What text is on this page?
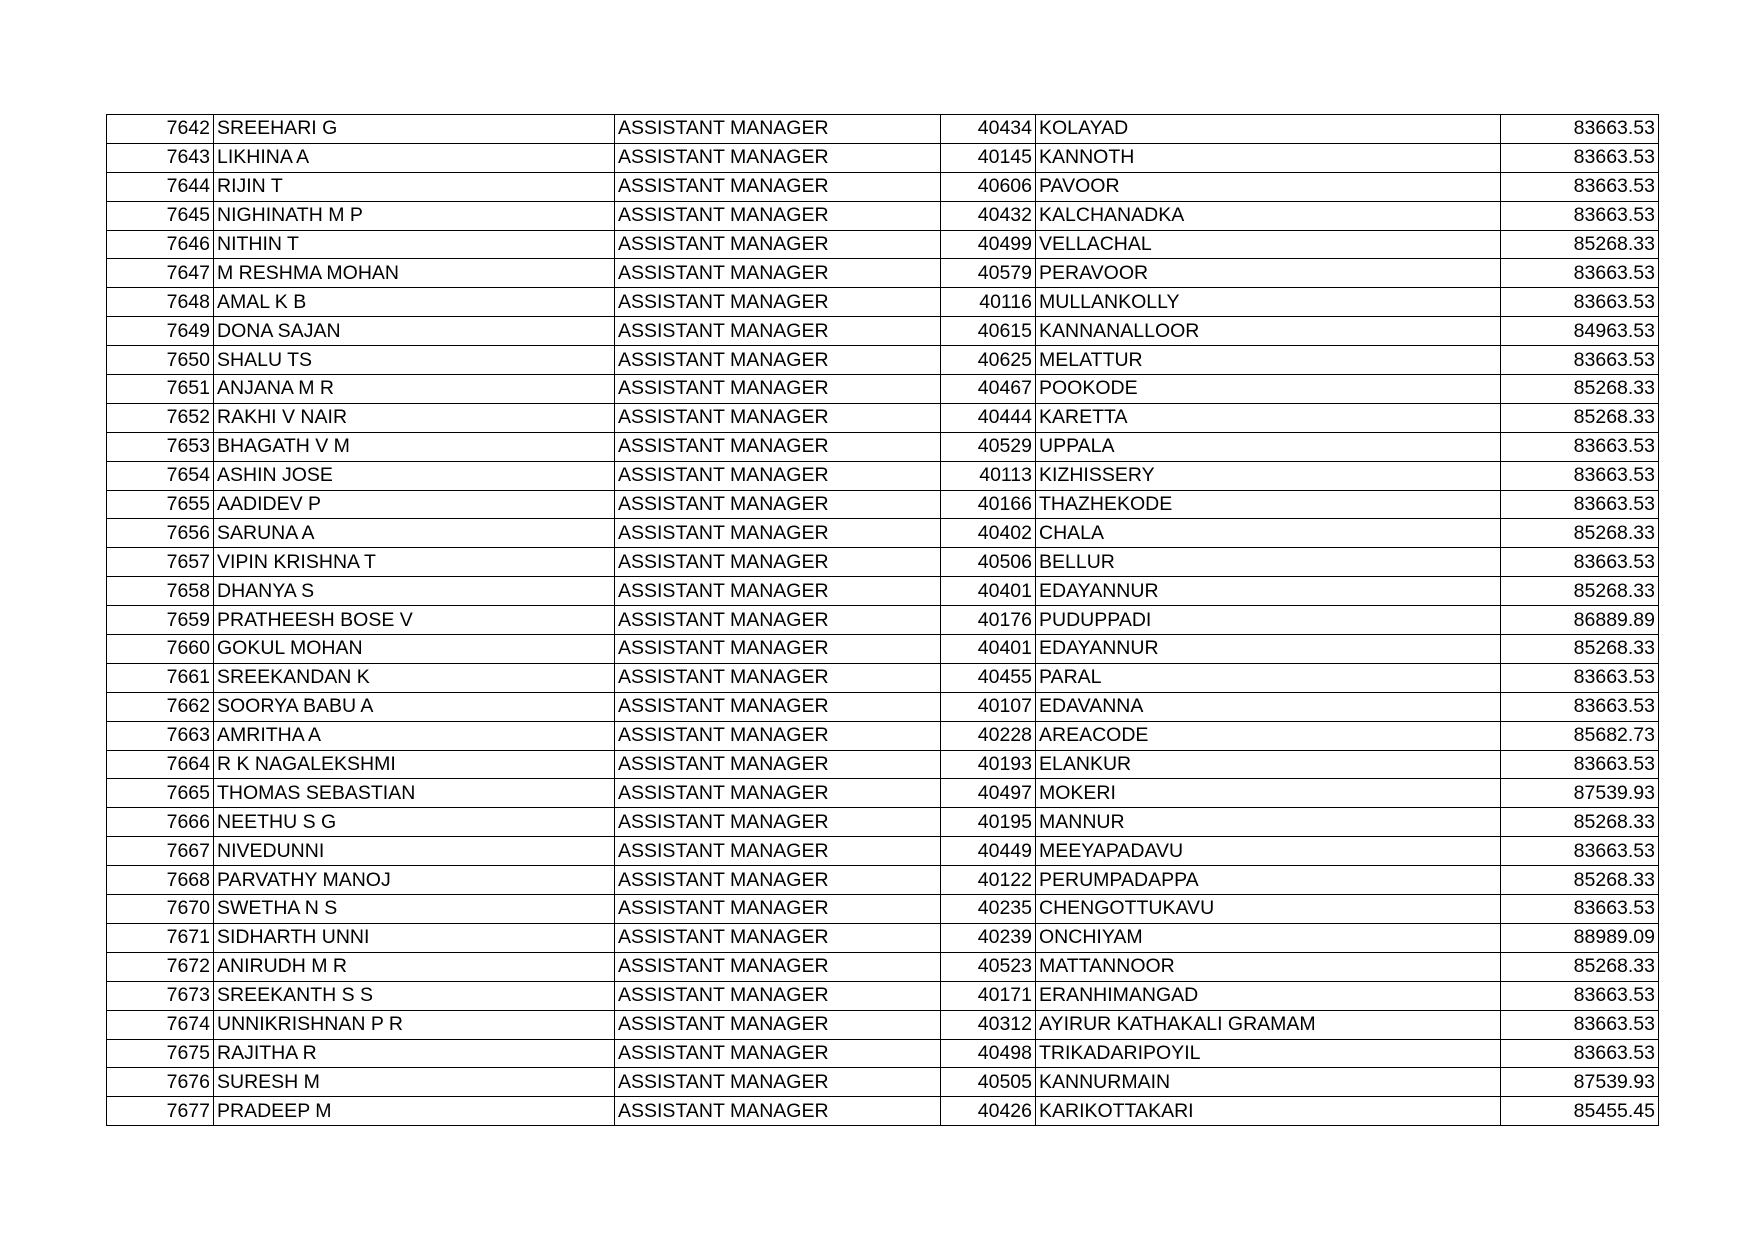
7642	SREEHARI G	ASSISTANT MANAGER	40434	KOLAYAD	83663.53
7643	LIKHINA A	ASSISTANT MANAGER	40145	KANNOTH	83663.53
7644	RIJIN T	ASSISTANT MANAGER	40606	PAVOOR	83663.53
7645	NIGHINATH M P	ASSISTANT MANAGER	40432	KALCHANADKA	83663.53
7646	NITHIN T	ASSISTANT MANAGER	40499	VELLACHAL	85268.33
7647	M RESHMA MOHAN	ASSISTANT MANAGER	40579	PERAVOOR	83663.53
7648	AMAL K B	ASSISTANT MANAGER	40116	MULLANKOLLY	83663.53
7649	DONA SAJAN	ASSISTANT MANAGER	40615	KANNANALLOOR	84963.53
7650	SHALU TS	ASSISTANT MANAGER	40625	MELATTUR	83663.53
7651	ANJANA M R	ASSISTANT MANAGER	40467	POOKODE	85268.33
7652	RAKHI V NAIR	ASSISTANT MANAGER	40444	KARETTA	85268.33
7653	BHAGATH V M	ASSISTANT MANAGER	40529	UPPALA	83663.53
7654	ASHIN JOSE	ASSISTANT MANAGER	40113	KIZHISSERY	83663.53
7655	AADIDEV P	ASSISTANT MANAGER	40166	THAZHEKODE	83663.53
7656	SARUNA A	ASSISTANT MANAGER	40402	CHALA	85268.33
7657	VIPIN KRISHNA T	ASSISTANT MANAGER	40506	BELLUR	83663.53
7658	DHANYA S	ASSISTANT MANAGER	40401	EDAYANNUR	85268.33
7659	PRATHEESH BOSE V	ASSISTANT MANAGER	40176	PUDUPPADI	86889.89
7660	GOKUL MOHAN	ASSISTANT MANAGER	40401	EDAYANNUR	85268.33
7661	SREEKANDAN K	ASSISTANT MANAGER	40455	PARAL	83663.53
7662	SOORYA BABU A	ASSISTANT MANAGER	40107	EDAVANNA	83663.53
7663	AMRITHA A	ASSISTANT MANAGER	40228	AREACODE	85682.73
7664	R K NAGALEKSHMI	ASSISTANT MANAGER	40193	ELANKUR	83663.53
7665	THOMAS SEBASTIAN	ASSISTANT MANAGER	40497	MOKERI	87539.93
7666	NEETHU S G	ASSISTANT MANAGER	40195	MANNUR	85268.33
7667	NIVEDUNNI	ASSISTANT MANAGER	40449	MEEYAPADAVU	83663.53
7668	PARVATHY MANOJ	ASSISTANT MANAGER	40122	PERUMPADAPPA	85268.33
7670	SWETHA N S	ASSISTANT MANAGER	40235	CHENGOTTUKAVU	83663.53
7671	SIDHARTH UNNI	ASSISTANT MANAGER	40239	ONCHIYAM	88989.09
7672	ANIRUDH M R	ASSISTANT MANAGER	40523	MATTANNOOR	85268.33
7673	SREEKANTH S S	ASSISTANT MANAGER	40171	ERANHIMANGAD	83663.53
7674	UNNIKRISHNAN P R	ASSISTANT MANAGER	40312	AYIRUR KATHAKALI GRAMAM	83663.53
7675	RAJITHA R	ASSISTANT MANAGER	40498	TRIKADARIPOYIL	83663.53
7676	SURESH M	ASSISTANT MANAGER	40505	KANNURMAIN	87539.93
7677	PRADEEP M	ASSISTANT MANAGER	40426	KARIKOTTAKARI	85455.45
